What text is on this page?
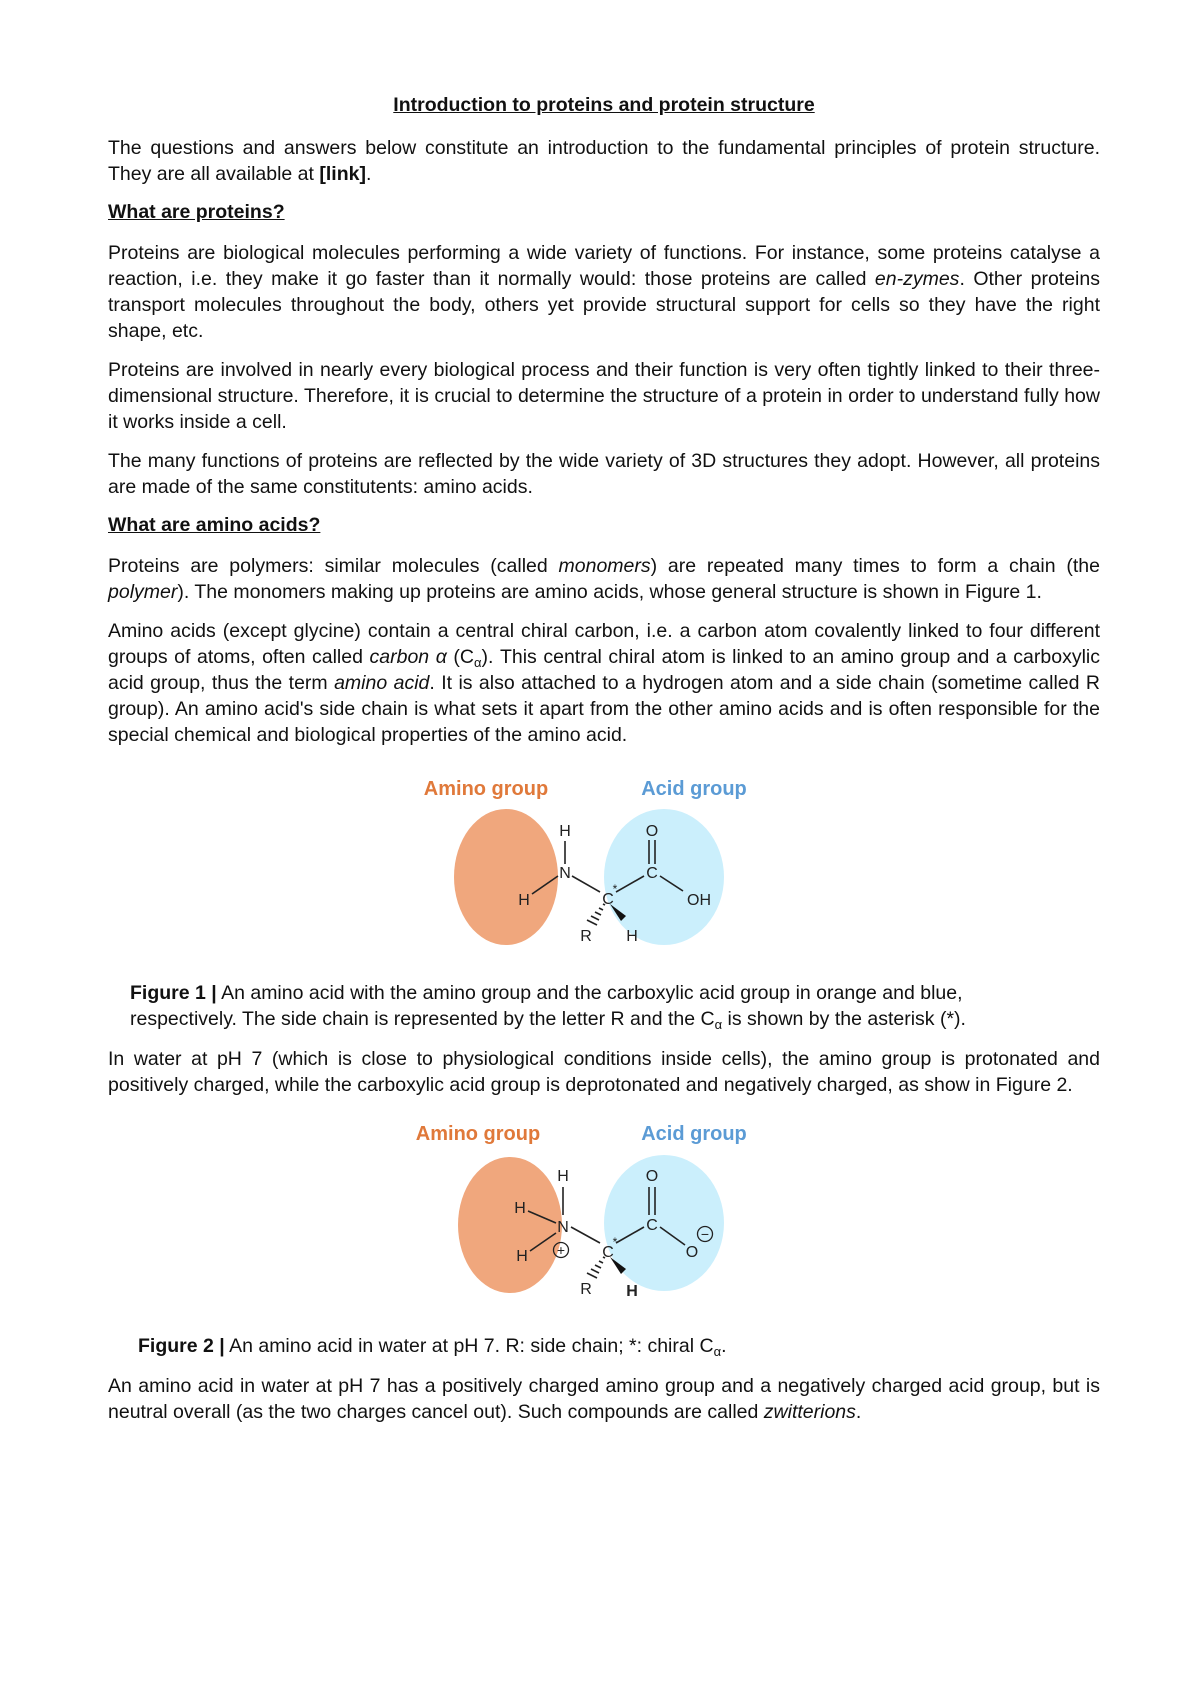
Introduction to proteins and protein structure

The questions and answers below constitute an introduction to the fundamental principles of protein structure. They are all available at [link].

What are proteins?

Proteins are biological molecules performing a wide variety of functions. For instance, some proteins catalyse a reaction, i.e. they make it go faster than it normally would: those proteins are called en-zymes. Other proteins transport molecules throughout the body, others yet provide structural support for cells so they have the right shape, etc.

Proteins are involved in nearly every biological process and their function is very often tightly linked to their three-dimensional structure. Therefore, it is crucial to determine the structure of a protein in order to understand fully how it works inside a cell.

The many functions of proteins are reflected by the wide variety of 3D structures they adopt. However, all proteins are made of the same constitutents: amino acids.

What are amino acids?

Proteins are polymers: similar molecules (called monomers) are repeated many times to form a chain (the polymer). The monomers making up proteins are amino acids, whose general structure is shown in Figure 1.

Amino acids (except glycine) contain a central chiral carbon, i.e. a carbon atom covalently linked to four different groups of atoms, often called carbon α $(C_\alpha)$. This central chiral atom is linked to an amino group and a carboxylic acid group, thus the term amino acid. It is also attached to a hydrogen atom and a side chain (sometime called R group). An amino acid's side chain is what sets it apart from the other amino acids and is often responsible for the special chemical and biological properties of the amino acid.

Amino group	Acid group
H
N
H	C
*
C
O
OH
R H
Figure 1 | An amino acid with the amino group and the carboxylic acid group in orange and blue, respectively. The side chain is represented by the letter R and the $C_\alpha$ is shown by the asterisk (*).

In water at pH 7 (which is close to physiological conditions inside cells), the amino group is protonated and positively charged, while the carboxylic acid group is deprotonated and negatively charged, as show in Figure 2.

Amino group	Acid group
H
H
N
+
H	C
*
C
O
O
−
R H
Figure 2 | An amino acid in water at pH 7. R: side chain; *: chiral $C_\alpha$.

An amino acid in water at pH 7 has a positively charged amino group and a negatively charged acid group, but is neutral overall (as the two charges cancel out). Such compounds are called zwitterions.
